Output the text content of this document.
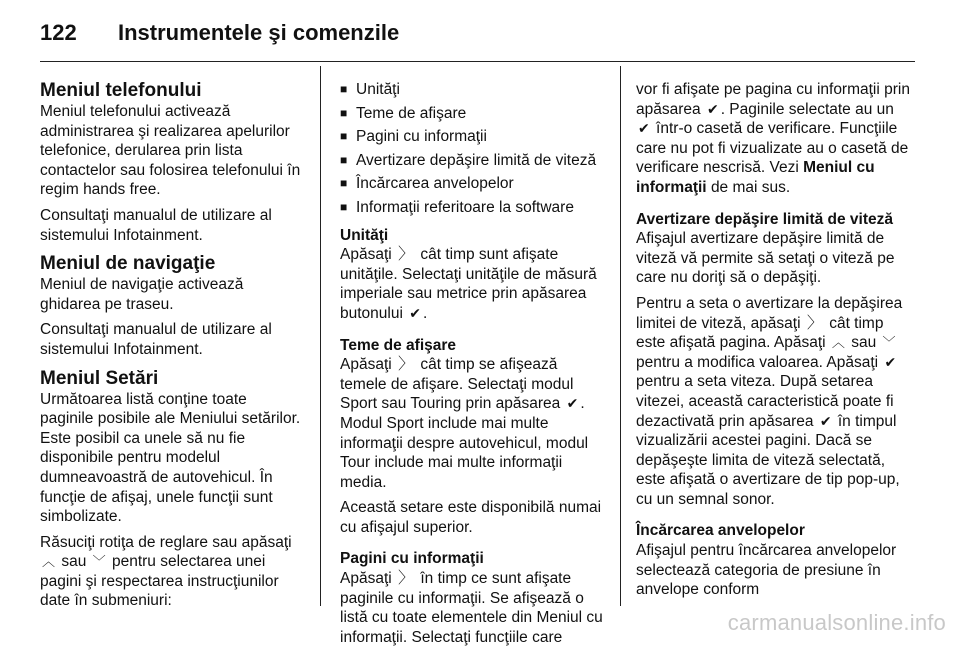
122	Instrumentele şi comenzile
Meniul telefonului

Meniul telefonului activează administrarea şi realizarea apelurilor telefonice, derularea prin lista contactelor sau folosirea telefonului în regim hands free.

Consultaţi manualul de utilizare al sistemului Infotainment.

Meniul de navigaţie

Meniul de navigaţie activează ghidarea pe traseu.

Consultaţi manualul de utilizare al sistemului Infotainment.

Meniul Setări

Următoarea listă conţine toate paginile posibile ale Meniului setărilor. Este posibil ca unele să nu fie disponibile pentru modelul dumneavoastră de autovehicul. În funcţie de afişaj, unele funcţii sunt simbolizate.

Răsuciţi rotiţa de reglare sau apăsaţi ︿ sau ﹀ pentru selectarea unei pagini şi respectarea instrucţiunilor date în submeniuri:

■ Unităţi
■ Teme de afişare
■ Pagini cu informaţii
■ Avertizare depăşire limită de viteză
■ Încărcarea anvelopelor
■ Informaţii referitoare la software
Unităţi

Apăsaţi 〉 cât timp sunt afişate unităţile. Selectaţi unităţile de măsură imperiale sau metrice prin apăsarea butonului ✔ .

Teme de afişare

Apăsaţi 〉 cât timp se afişează temele de afişare. Selectaţi modul Sport sau Touring prin apăsarea ✔ . Modul Sport include mai multe informaţii despre autovehicul, modul Tour include mai multe informaţii media.

Această setare este disponibilă numai cu afişajul superior.

Pagini cu informaţii

Apăsaţi 〉 în timp ce sunt afişate paginile cu informaţii. Se afişează o listă cu toate elementele din Meniul cu informaţii. Selectaţi funcţiile care

vor fi afişate pe pagina cu informaţii prin apăsarea ✔ . Paginile selectate au un ✔ într-o casetă de verificare. Funcţiile care nu pot fi vizualizate au o casetă de verificare nescrisă. Vezi Meniul cu informaţii de mai sus.

Avertizare depăşire limită de viteză

Afişajul avertizare depăşire limită de viteză vă permite să setaţi o viteză pe care nu doriţi să o depăşiţi.

Pentru a seta o avertizare la depăşirea limitei de viteză, apăsaţi 〉 cât timp este afişată pagina. Apăsaţi ︿ sau ﹀ pentru a modifica valoarea. Apăsaţi ✔ pentru a seta viteza. După setarea vitezei, această caracteristică poate fi dezactivată prin apăsarea ✔ în timpul vizualizării acestei pagini. Dacă se depăşeşte limita de viteză selectată, este afişată o avertizare de tip pop-up, cu un semnal sonor.

Încărcarea anvelopelor

Afişajul pentru încărcarea anvelopelor selectează categoria de presiune în anvelope conform

carmanualsonline.info
